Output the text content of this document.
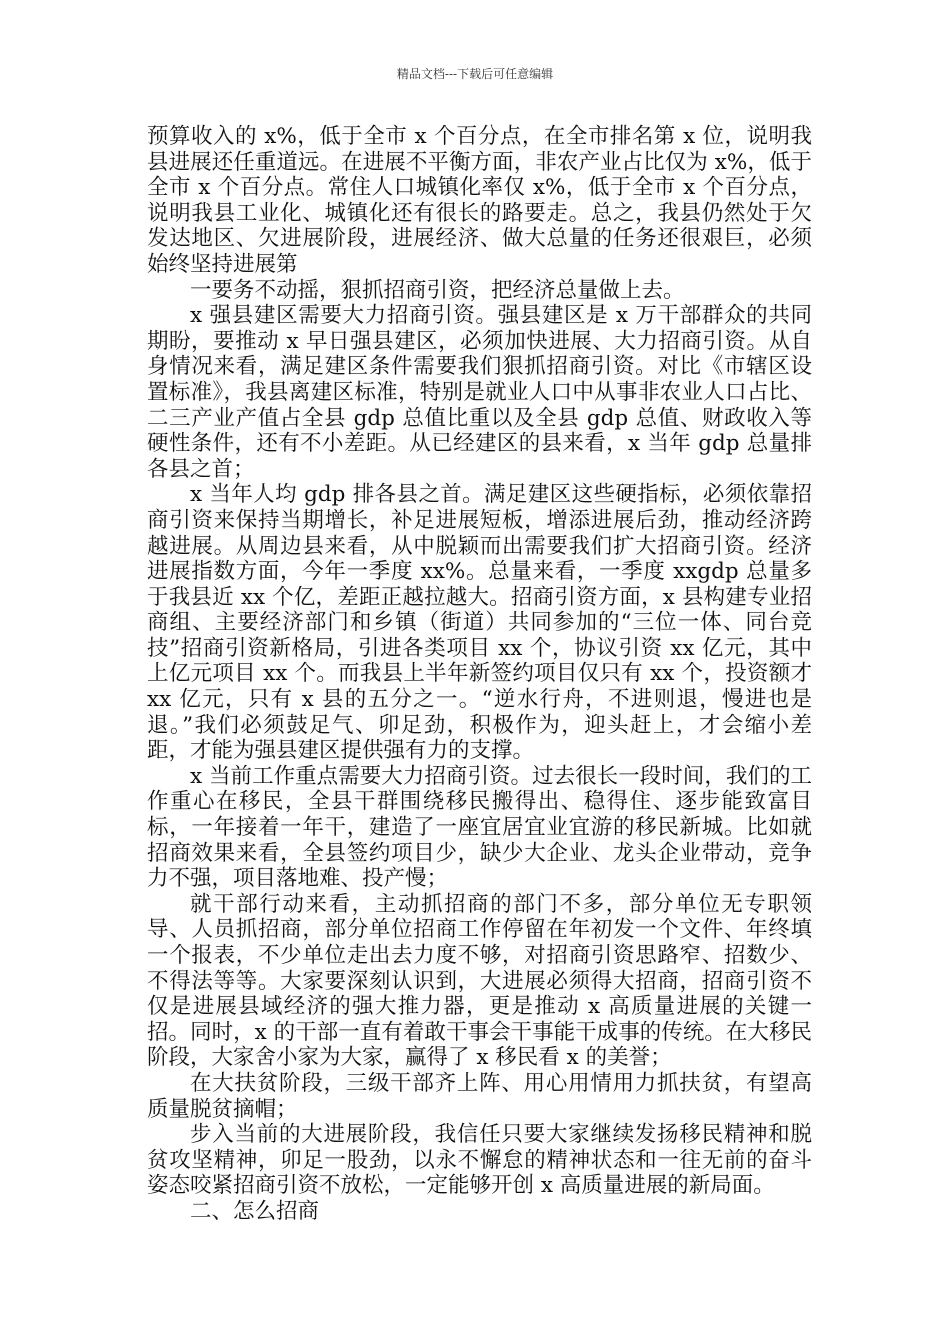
精品文档---下载后可任意编辑

预算收入的 x%，低于全市 x 个百分点，在全市排名第 x 位，说明我县进展还任重道远。在进展不平衡方面，非农产业占比仅为 x%，低于全市 x 个百分点。常住人口城镇化率仅 x%，低于全市 x 个百分点，说明我县工业化、城镇化还有很长的路要走。总之，我县仍然处于欠发达地区、欠进展阶段，进展经济、做大总量的任务还很艰巨，必须始终坚持进展第

一要务不动摇，狠抓招商引资，把经济总量做上去。

x 强县建区需要大力招商引资。强县建区是 x 万干部群众的共同期盼，要推动 x 早日强县建区，必须加快进展、大力招商引资。从自身情况来看，满足建区条件需要我们狠抓招商引资。对比《市辖区设置标准》，我县离建区标准，特别是就业人口中从事非农业人口占比、二三产业产值占全县 gdp 总值比重以及全县 gdp 总值、财政收入等硬性条件，还有不小差距。从已经建区的县来看，x 当年 gdp 总量排各县之首；

x 当年人均 gdp 排各县之首。满足建区这些硬指标，必须依靠招商引资来保持当期增长，补足进展短板，增添进展后劲，推动经济跨越进展。从周边县来看，从中脱颖而出需要我们扩大招商引资。经济进展指数方面，今年一季度 xx%。总量来看，一季度 xxgdp 总量多于我县近 xx 个亿，差距正越拉越大。招商引资方面，x 县构建专业招商组、主要经济部门和乡镇（街道）共同参加的“三位一体、同台竞技”招商引资新格局，引进各类项目 xx 个，协议引资 xx 亿元，其中上亿元项目 xx 个。而我县上半年新签约项目仅只有 xx 个，投资额才 xx 亿元，只有 x 县的五分之一。“逆水行舟，不进则退，慢进也是退。”我们必须鼓足气、卯足劲，积极作为，迎头赶上，才会缩小差距，才能为强县建区提供强有力的支撑。

x 当前工作重点需要大力招商引资。过去很长一段时间，我们的工作重心在移民，全县干群围绕移民搬得出、稳得住、逐步能致富目标，一年接着一年干，建造了一座宜居宜业宜游的移民新城。比如就招商效果来看，全县签约项目少，缺少大企业、龙头企业带动，竞争力不强，项目落地难、投产慢；

就干部行动来看，主动抓招商的部门不多，部分单位无专职领导、人员抓招商，部分单位招商工作停留在年初发一个文件、年终填一个报表，不少单位走出去力度不够，对招商引资思路窄、招数少、不得法等等。大家要深刻认识到，大进展必须得大招商，招商引资不仅是进展县域经济的强大推力器，更是推动 x 高质量进展的关键一招。同时，x 的干部一直有着敢干事会干事能干成事的传统。在大移民阶段，大家舍小家为大家，赢得了 x 移民看 x 的美誉；

在大扶贫阶段，三级干部齐上阵、用心用情用力抓扶贫，有望高质量脱贫摘帽；

步入当前的大进展阶段，我信任只要大家继续发扬移民精神和脱贫攻坚精神，卯足一股劲，以永不懈怠的精神状态和一往无前的奋斗姿态咬紧招商引资不放松，一定能够开创 x 高质量进展的新局面。

二、怎么招商
